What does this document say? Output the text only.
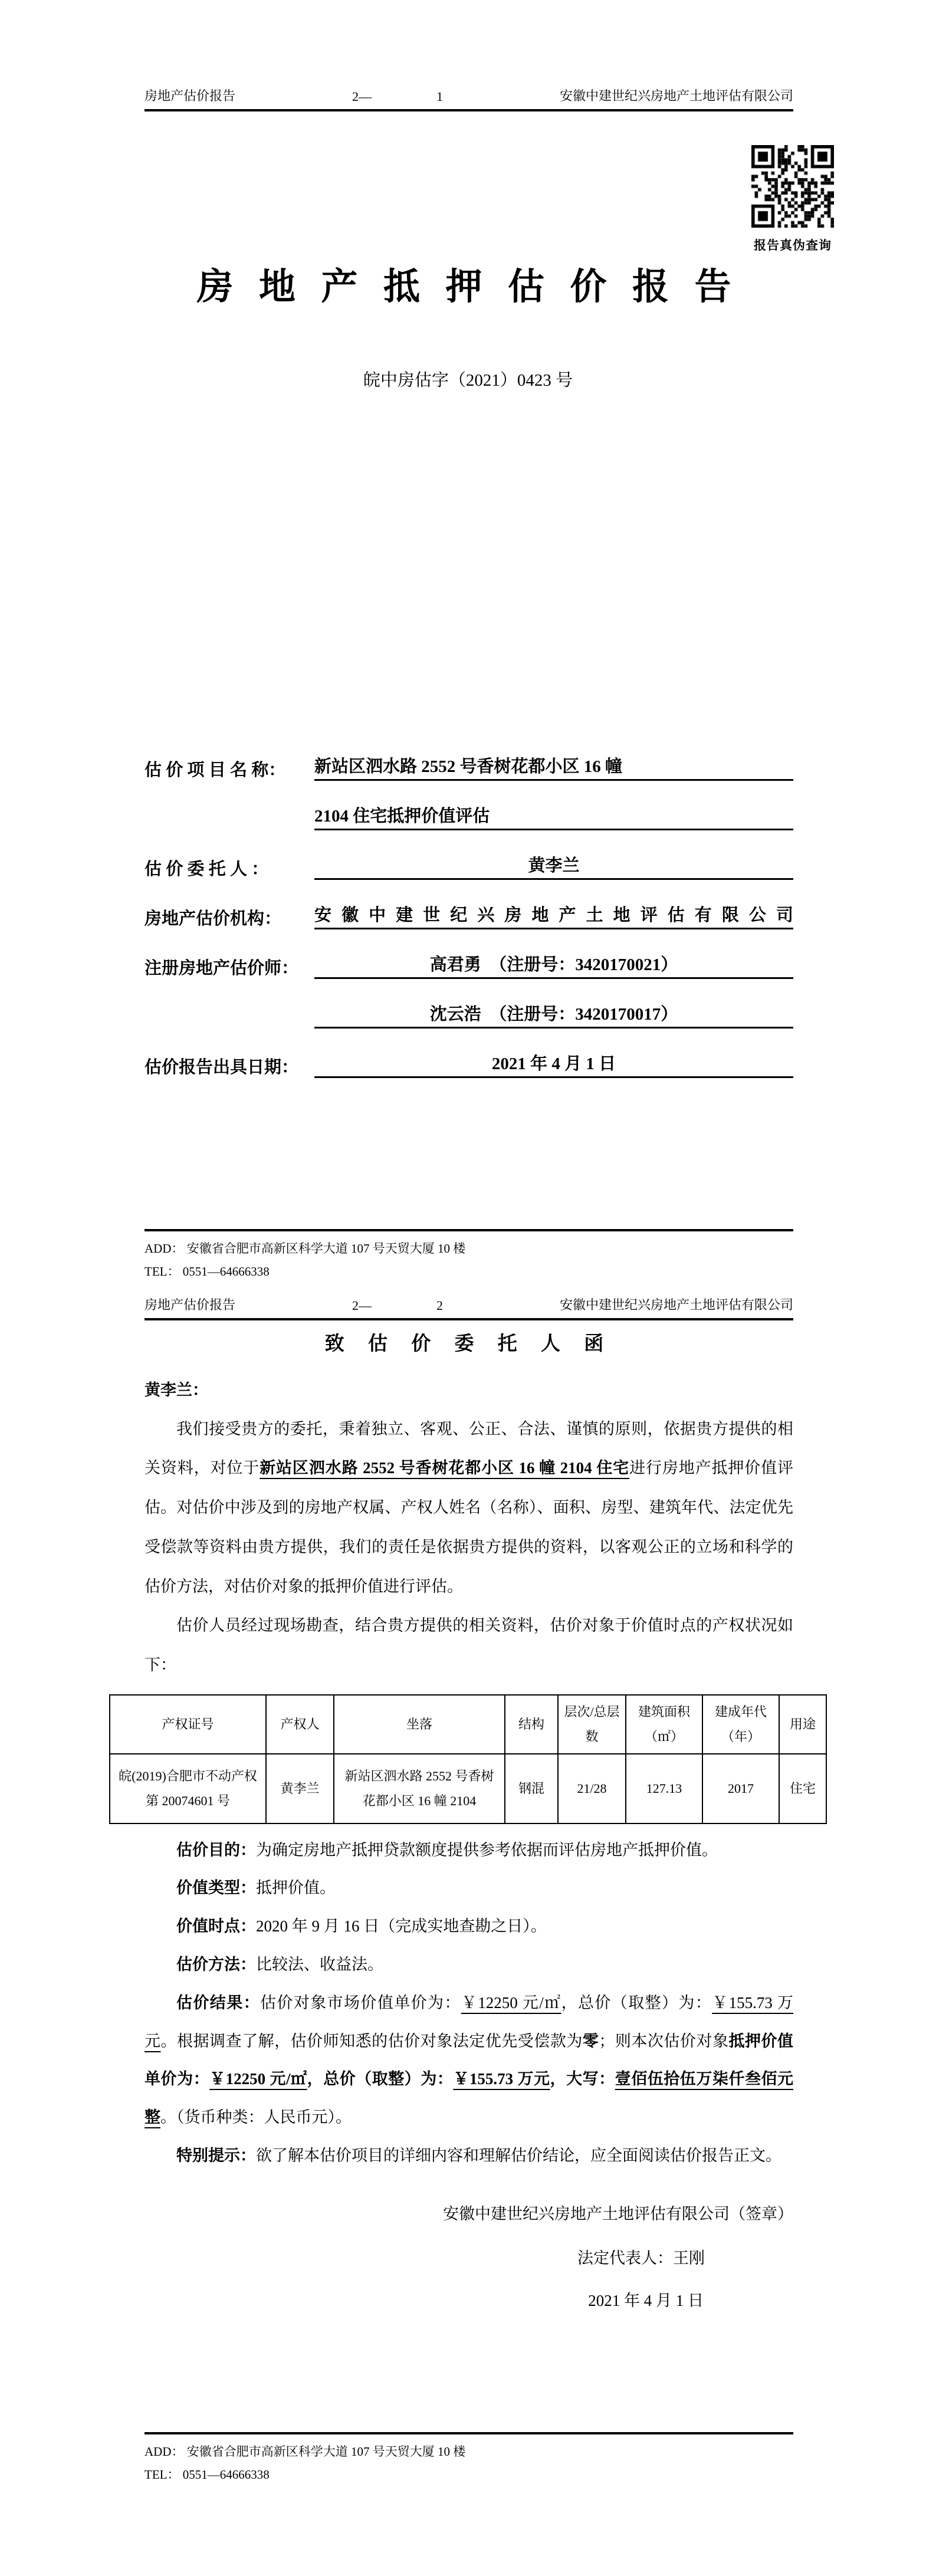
房地产估价报告	2—	1	安徽中建世纪兴房地产土地评估有限公司
报告真伪查询
房 地 产 抵 押 估 价 报 告
皖中房估字（2021）0423 号
估 价 项 目 名 称：	新站区泗水路 2552 号香树花都小区 16 幢
2104 住宅抵押价值评估
估 价 委 托 人 ：	黄李兰
房地产估价机构：	安徽中建世纪兴房地产土地评估有限公司
注册房地产估价师：	高君勇　（注册号：3420170021）
沈云浩　（注册号：3420170017）
估价报告出具日期：	2021 年 4 月 1 日
ADD： 安徽省合肥市高新区科学大道 107 号天贸大厦 10 楼
TEL： 0551—64666338
房地产估价报告	2—	2	安徽中建世纪兴房地产土地评估有限公司
致 估 价 委 托 人 函

黄李兰：

我们接受贵方的委托，秉着独立、客观、公正、合法、谨慎的原则，依据贵方提供的相关资料，对位于新站区泗水路 2552 号香树花都小区 16 幢 2104 住宅进行房地产抵押价值评估。对估价中涉及到的房地产权属、产权人姓名（名称）、面积、房型、建筑年代、法定优先受偿款等资料由贵方提供，我们的责任是依据贵方提供的资料，以客观公正的立场和科学的估价方法，对估价对象的抵押价值进行评估。

估价人员经过现场勘查，结合贵方提供的相关资料，估价对象于价值时点的产权状况如下：

产权证号	产权人	坐落	结构	层次/总层数	建筑面积（㎡）	建成年代（年）	用途
皖(2019)合肥市不动产权第 20074601 号	黄李兰	新站区泗水路 2552 号香树花都小区 16 幢 2104	钢混	21/28	127.13	2017	住宅

估价目的：为确定房地产抵押贷款额度提供参考依据而评估房地产抵押价值。

价值类型：抵押价值。

价值时点：2020 年 9 月 16 日（完成实地查勘之日）。

估价方法：比较法、收益法。

估价结果：估价对象市场价值单价为：￥12250 元/㎡，总价（取整）为：￥155.73 万元。根据调查了解，估价师知悉的估价对象法定优先受偿款为零；则本次估价对象抵押价值单价为：￥12250 元/㎡，总价（取整）为：￥155.73 万元，大写：壹佰伍拾伍万柒仟叁佰元整。（货币种类：人民币元）。

特别提示：欲了解本估价项目的详细内容和理解估价结论，应全面阅读估价报告正文。

安徽中建世纪兴房地产土地评估有限公司（签章）
法定代表人：王刚
2021 年 4 月 1 日
ADD： 安徽省合肥市高新区科学大道 107 号天贸大厦 10 楼
TEL： 0551—64666338
